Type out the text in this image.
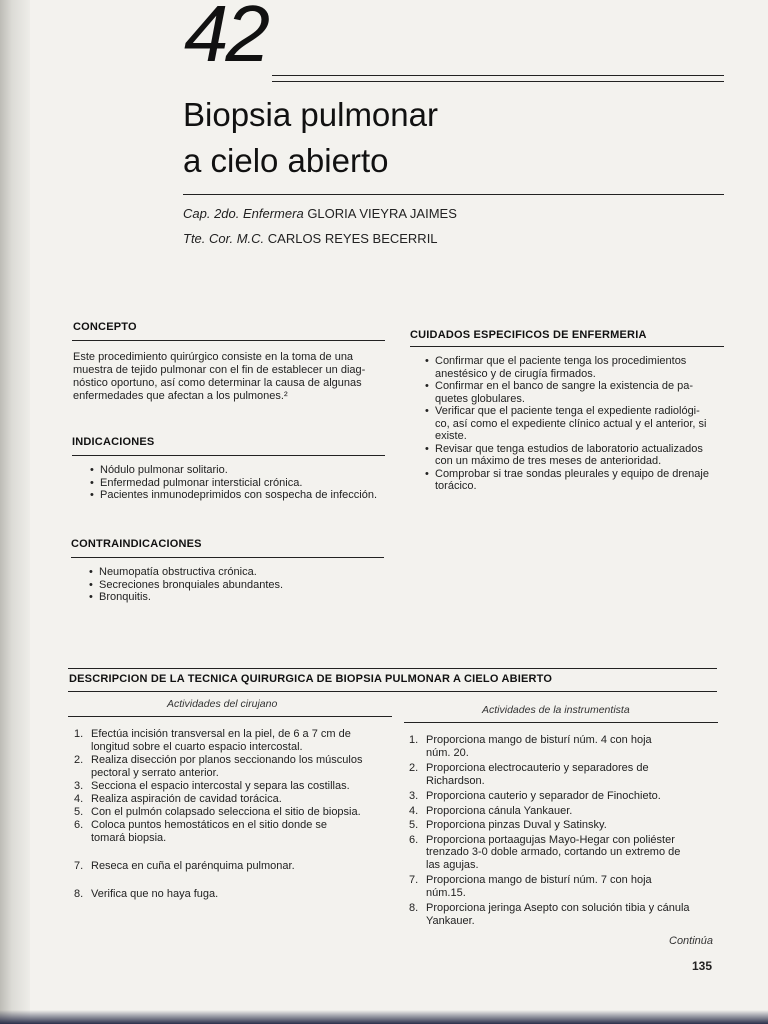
42
Biopsia pulmonar
a cielo abierto
Cap. 2do. Enfermera GLORIA VIEYRA JAIMES
Tte. Cor. M.C. CARLOS REYES BECERRIL
CONCEPTO
Este procedimiento quirúrgico consiste en la toma de una
muestra de tejido pulmonar con el fin de establecer un diag-
nóstico oportuno, así como determinar la causa de algunas
enfermedades que afectan a los pulmones.²
INDICACIONES
• Nódulo pulmonar solitario.
• Enfermedad pulmonar intersticial crónica.
• Pacientes inmunodeprimidos con sospecha de infección.
CONTRAINDICACIONES
• Neumopatía obstructiva crónica.
• Secreciones bronquiales abundantes.
• Bronquitis.
CUIDADOS ESPECIFICOS DE ENFERMERIA
• Confirmar que el paciente tenga los procedimientos
anestésico y de cirugía firmados.
• Confirmar en el banco de sangre la existencia de pa-
quetes globulares.
• Verificar que el paciente tenga el expediente radiológi-
co, así como el expediente clínico actual y el anterior, si
existe.
• Revisar que tenga estudios de laboratorio actualizados
con un máximo de tres meses de anterioridad.
• Comprobar si trae sondas pleurales y equipo de drenaje
torácico.
DESCRIPCION DE LA TECNICA QUIRURGICA DE BIOPSIA PULMONAR A CIELO ABIERTO
Actividades del cirujano	Actividades de la instrumentista
1. Efectúa incisión transversal en la piel, de 6 a 7 cm de
longitud sobre el cuarto espacio intercostal.
2. Realiza disección por planos seccionando los músculos
pectoral y serrato anterior.
3. Secciona el espacio intercostal y separa las costillas.
4. Realiza aspiración de cavidad torácica.
5. Con el pulmón colapsado selecciona el sitio de biopsia.
6. Coloca puntos hemostáticos en el sitio donde se
tomará biopsia.
7. Reseca en cuña el parénquima pulmonar.
8. Verifica que no haya fuga.
1. Proporciona mango de bisturí núm. 4 con hoja
núm. 20.
2. Proporciona electrocauterio y separadores de
Richardson.
3. Proporciona cauterio y separador de Finochieto.
4. Proporciona cánula Yankauer.
5. Proporciona pinzas Duval y Satinsky.
6. Proporciona portaagujas Mayo-Hegar con poliéster
trenzado 3-0 doble armado, cortando un extremo de
las agujas.
7. Proporciona mango de bisturí núm. 7 con hoja
núm.15.
8. Proporciona jeringa Asepto con solución tibia y cánula
Yankauer.
Continúa
135
